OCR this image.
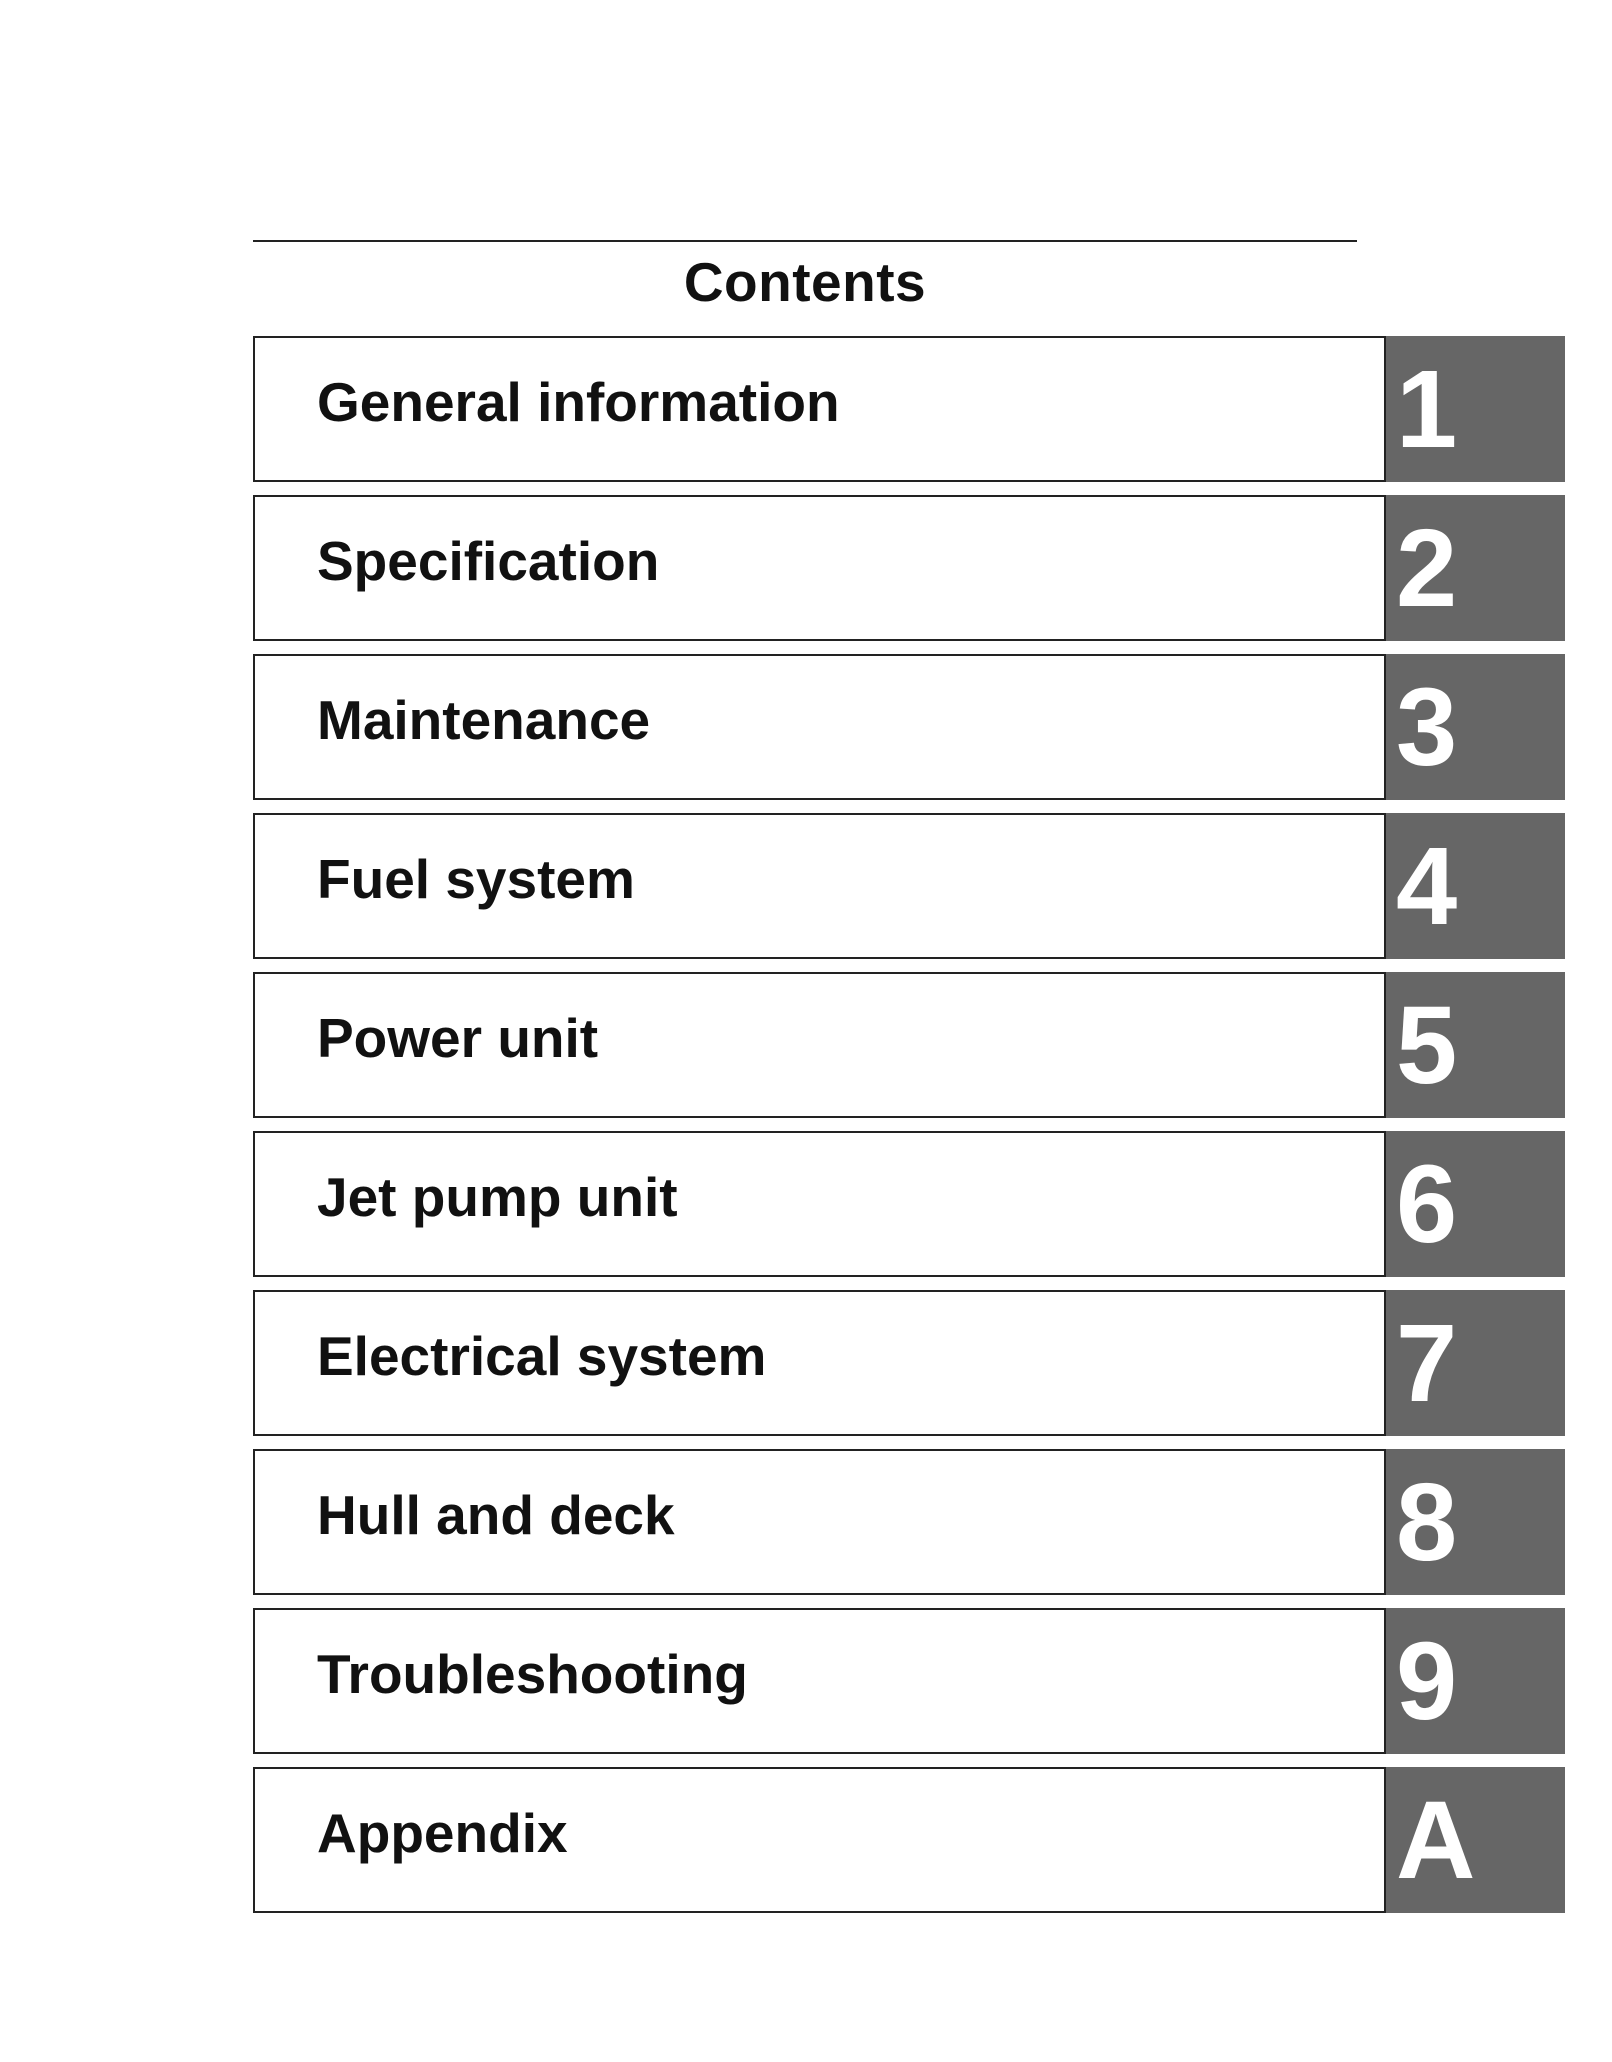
Contents
General information	1
Specification	2
Maintenance	3
Fuel system	4
Power unit	5
Jet pump unit	6
Electrical system	7
Hull and deck	8
Troubleshooting	9
Appendix	A
